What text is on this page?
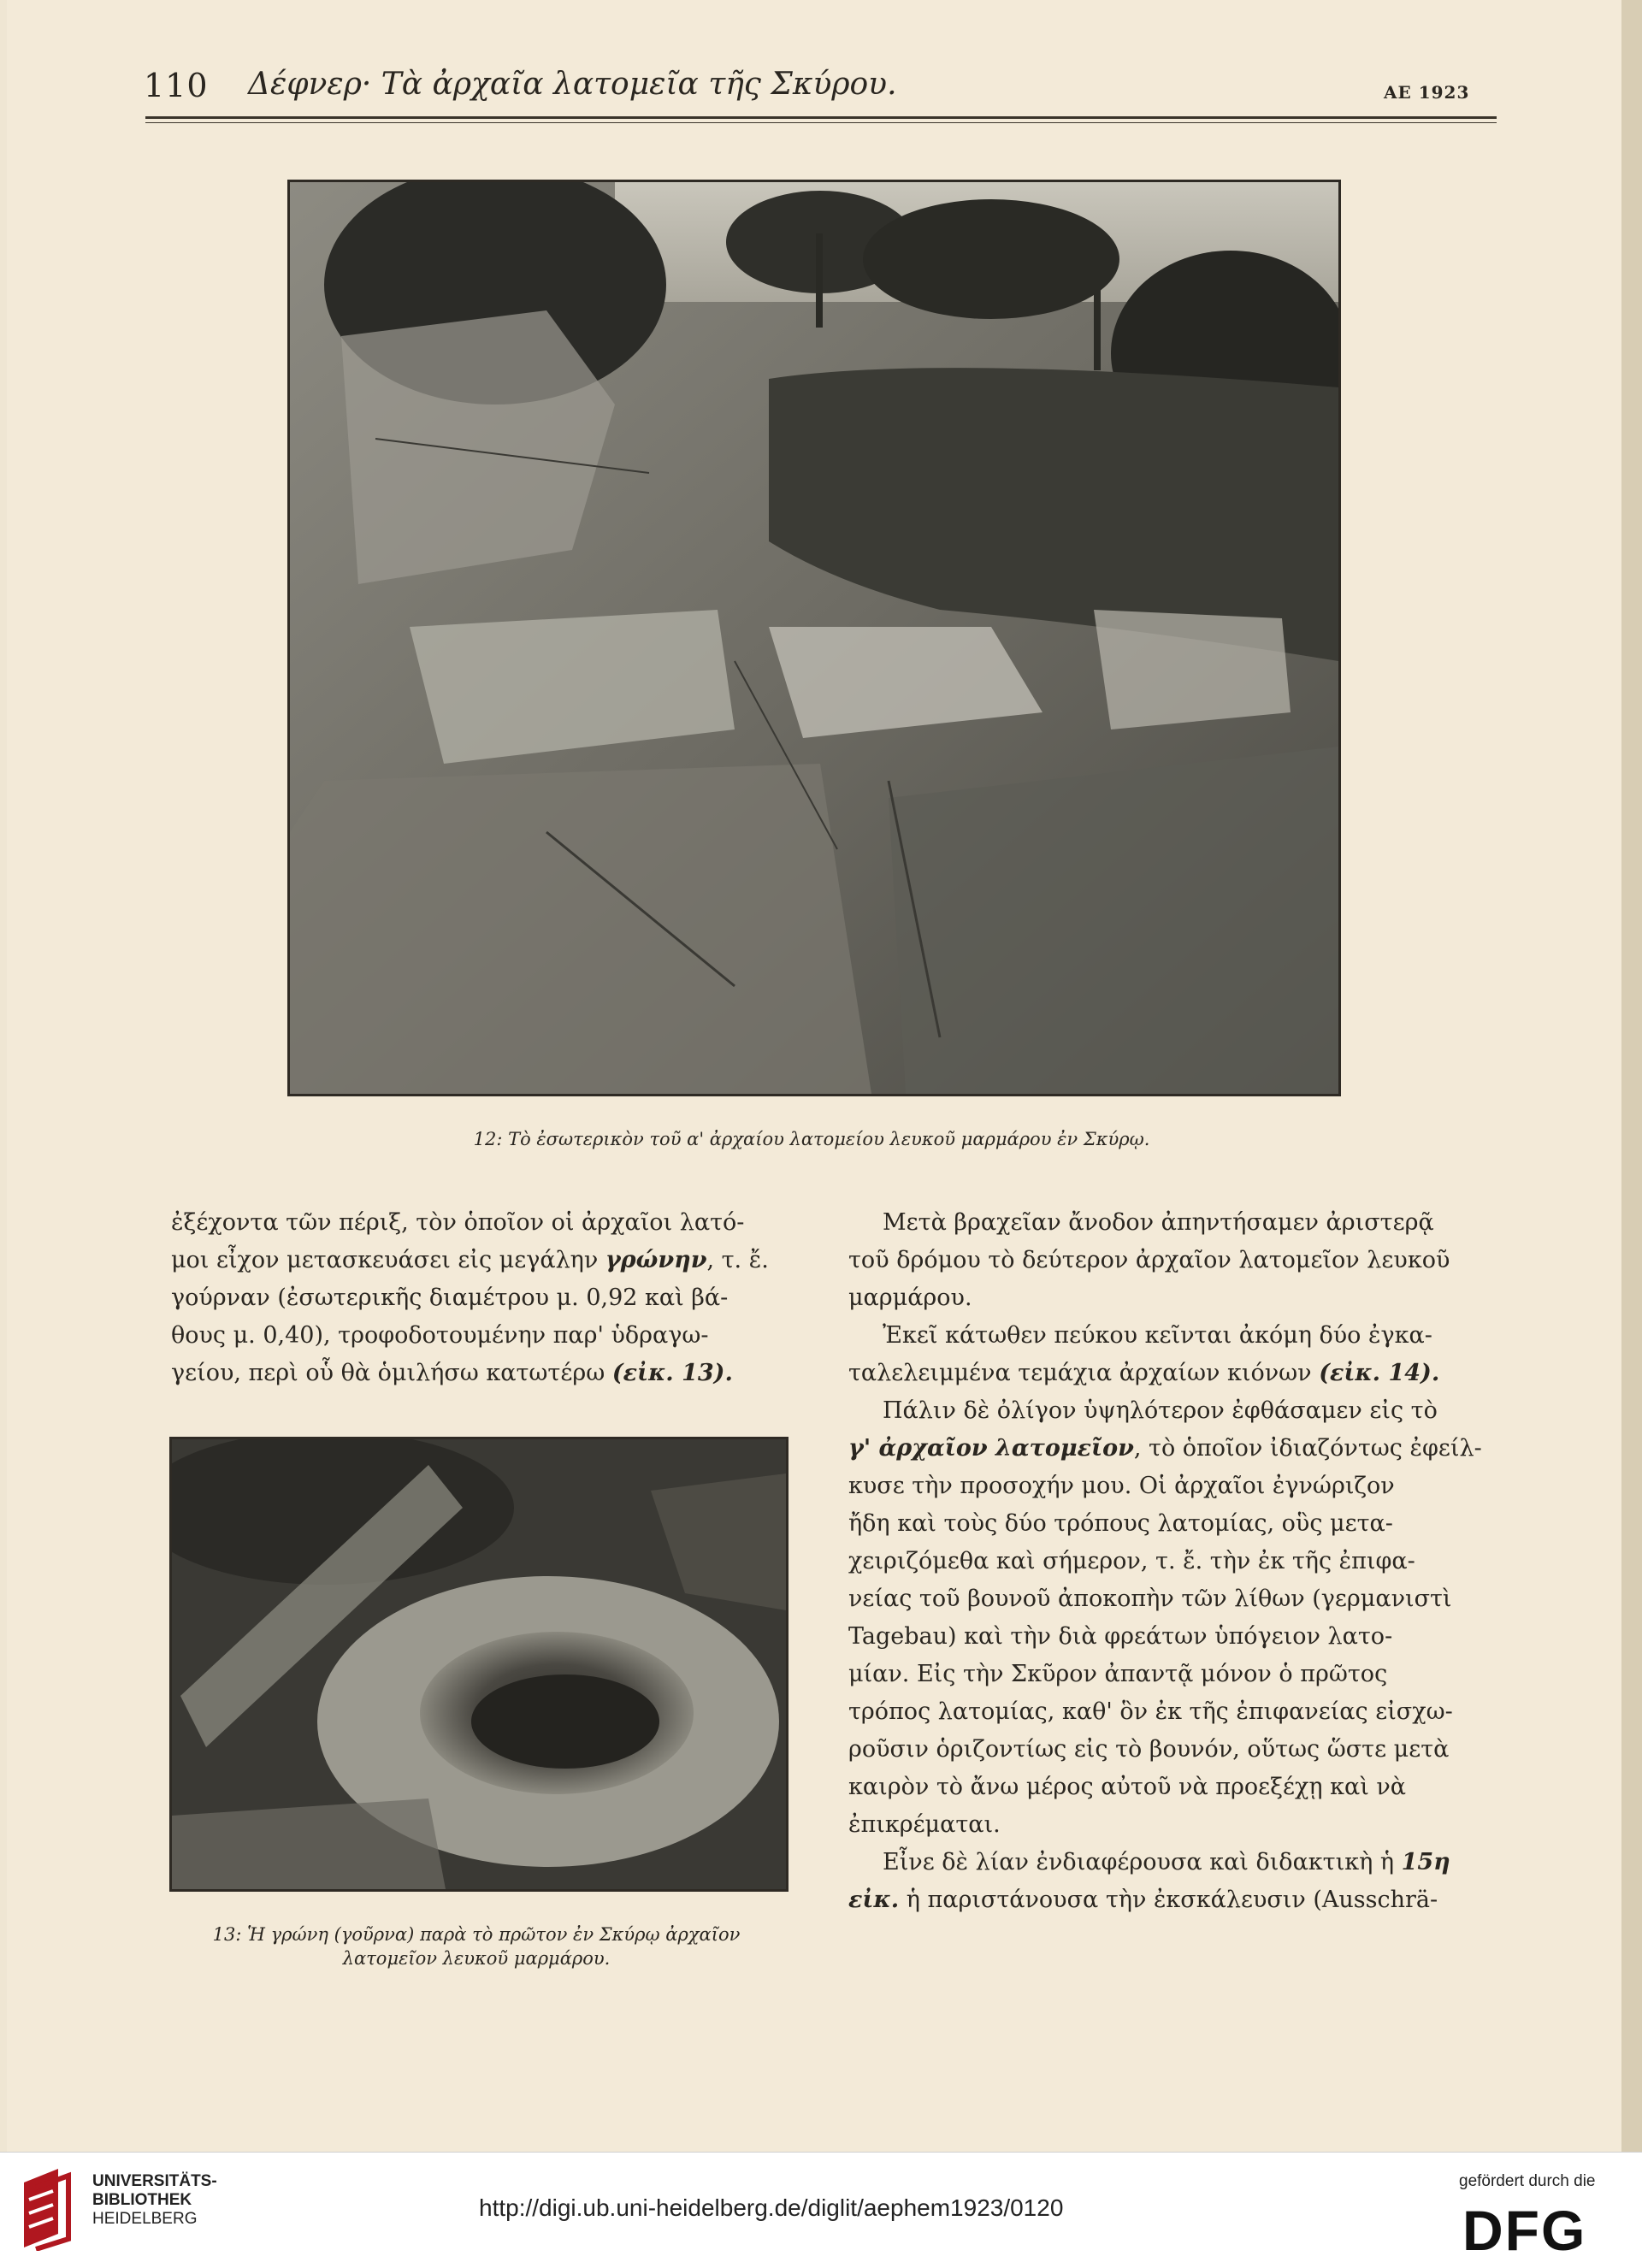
110 Δέφνερ· Τὰ ἀρχαῖα λατομεῖα τῆς Σκύρου.	ΑΕ 1923
12: Τὸ ἐσωτερικὸν τοῦ α' ἀρχαίου λατομείου λευκοῦ μαρμάρου ἐν Σκύρῳ.

ἐξέχοντα τῶν πέριξ, τὸν ὁποῖον οἱ ἀρχαῖοι λατό-

μοι εἶχον μετασκευάσει εἰς μεγάλην γρώνην, τ. ἔ.

γούρναν (ἐσωτερικῆς διαμέτρου μ. 0,92 καὶ βά-

θους μ. 0,40), τροφοδοτουμένην παρ' ὑδραγω-

γείου, περὶ οὗ θὰ ὁμιλήσω κατωτέρω (εἰκ. 13).

13: Ἡ γρώνη (γοῦρνα) παρὰ τὸ πρῶτον ἐν Σκύρῳ ἀρχαῖον
λατομεῖον λευκοῦ μαρμάρου.

Μετὰ βραχεῖαν ἄνοδον ἀπηντήσαμεν ἀριστερᾷ

τοῦ δρόμου τὸ δεύτερον ἀρχαῖον λατομεῖον λευκοῦ

μαρμάρου.

Ἐκεῖ κάτωθεν πεύκου κεῖνται ἀκόμη δύο ἐγκα-

ταλελειμμένα τεμάχια ἀρχαίων κιόνων (εἰκ. 14).

Πάλιν δὲ ὀλίγον ὑψηλότερον ἐφθάσαμεν εἰς τὸ

γ' ἀρχαῖον λατομεῖον, τὸ ὁποῖον ἰδιαζόντως ἐφείλ-

κυσε τὴν προσοχήν μου. Οἱ ἀρχαῖοι ἐγνώριζον

ἤδη καὶ τοὺς δύο τρόπους λατομίας, οὓς μετα-

χειριζόμεθα καὶ σήμερον, τ. ἔ. τὴν ἐκ τῆς ἐπιφα-

νείας τοῦ βουνοῦ ἀποκοπὴν τῶν λίθων (γερμανιστὶ

Tagebau) καὶ τὴν διὰ φρεάτων ὑπόγειον λατο-

μίαν. Εἰς τὴν Σκῦρον ἀπαντᾷ μόνον ὁ πρῶτος

τρόπος λατομίας, καθ' ὃν ἐκ τῆς ἐπιφανείας εἰσχω-

ροῦσιν ὁριζοντίως εἰς τὸ βουνόν, οὕτως ὥστε μετὰ

καιρὸν τὸ ἄνω μέρος αὐτοῦ νὰ προεξέχῃ καὶ νὰ

ἐπικρέμαται.

Εἶνε δὲ λίαν ἐνδιαφέρουσα καὶ διδακτικὴ ἡ 15η

εἰκ. ἡ παριστάνουσα τὴν ἐκσκάλευσιν (Ausschrä-

UNIVERSITÄTS-
BIBLIOTHEK
HEIDELBERG	http://digi.ub.uni-heidelberg.de/diglit/aephem1923/0120
gefördert durch die
DFG
